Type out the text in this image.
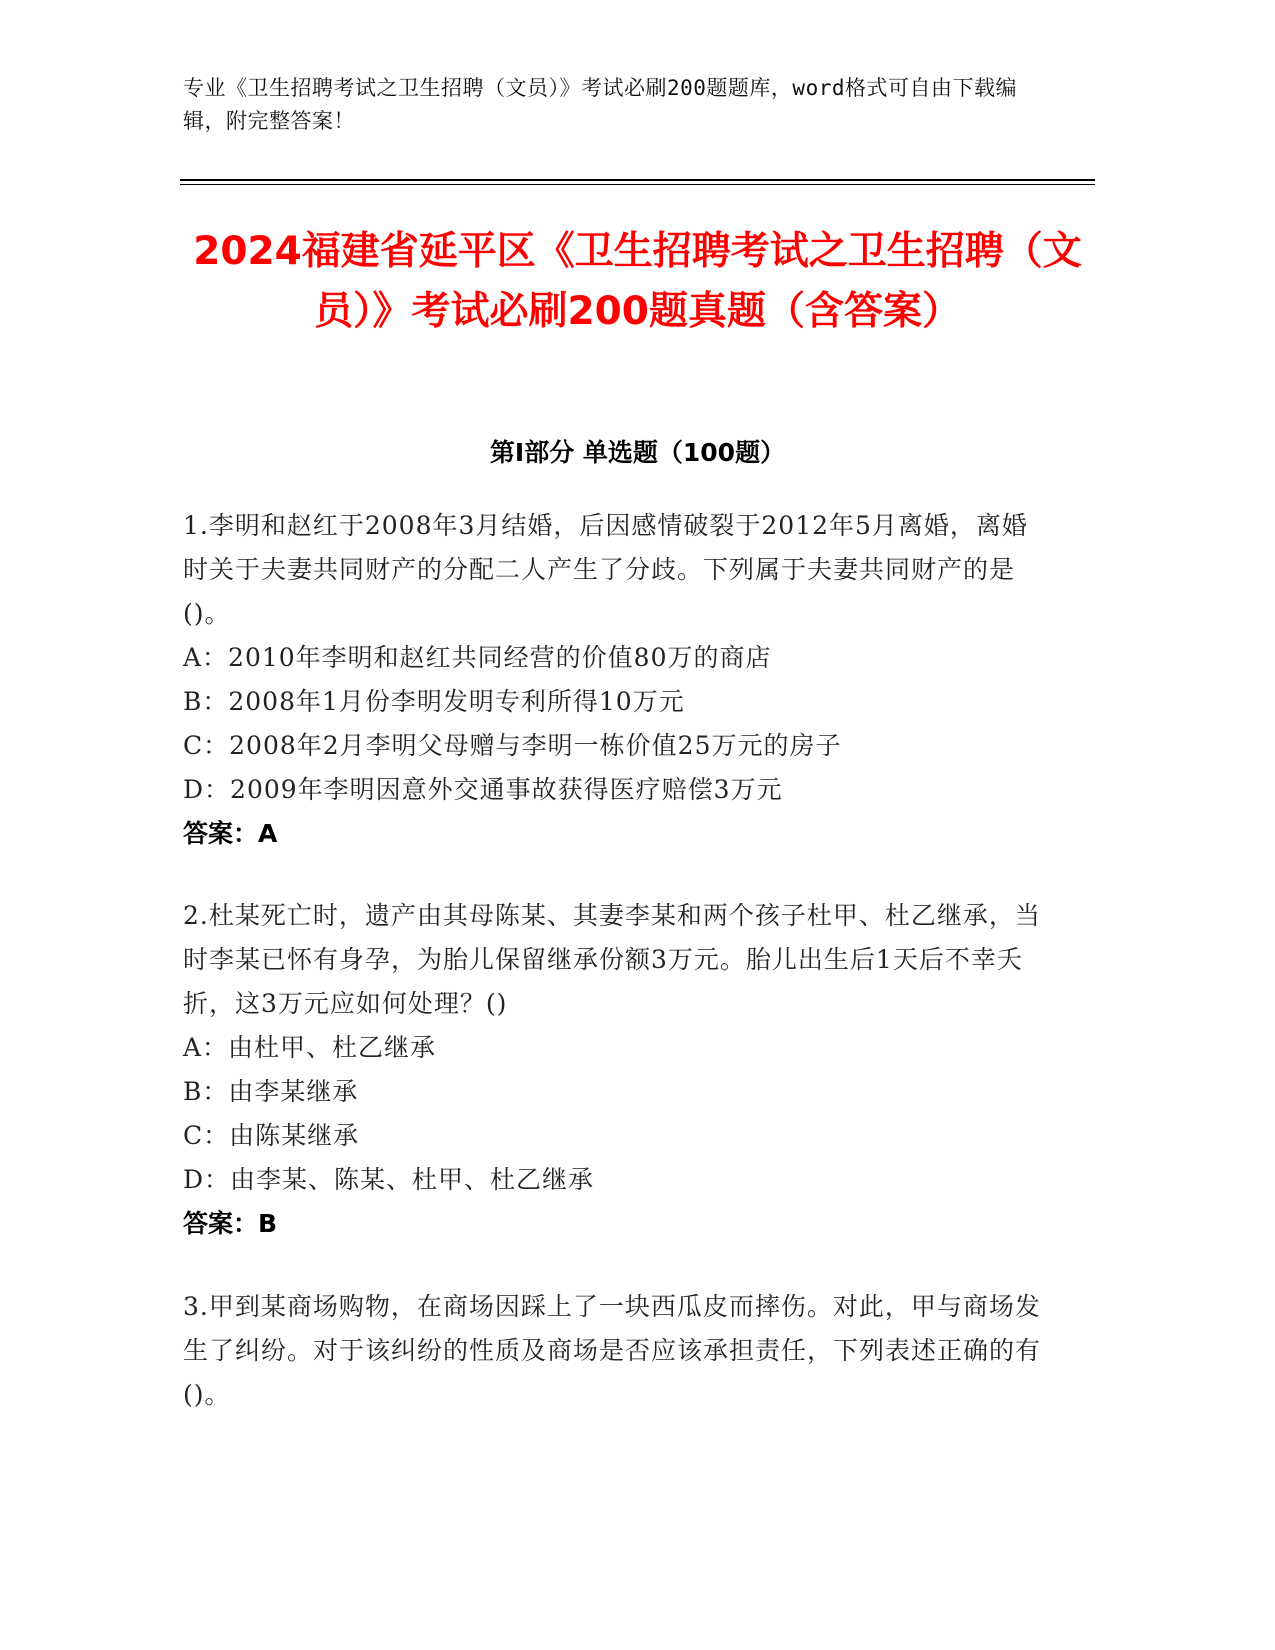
专业《卫生招聘考试之卫生招聘（文员）》考试必刷200题题库，word格式可自由下载编辑，附完整答案！
2024福建省延平区《卫生招聘考试之卫生招聘（文员）》考试必刷200题真题（含答案）
第I部分 单选题（100题）

1.李明和赵红于2008年3月结婚，后因感情破裂于2012年5月离婚，离婚时关于夫妻共同财产的分配二人产生了分歧。下列属于夫妻共同财产的是()。

A：2010年李明和赵红共同经营的价值80万的商店

B：2008年1月份李明发明专利所得10万元

C：2008年2月李明父母赠与李明一栋价值25万元的房子

D：2009年李明因意外交通事故获得医疗赔偿3万元

答案：A

2.杜某死亡时，遗产由其母陈某、其妻李某和两个孩子杜甲、杜乙继承，当时李某已怀有身孕，为胎儿保留继承份额3万元。胎儿出生后1天后不幸夭折，这3万元应如何处理？()

A：由杜甲、杜乙继承

B：由李某继承

C：由陈某继承

D：由李某、陈某、杜甲、杜乙继承

答案：B

3.甲到某商场购物，在商场因踩上了一块西瓜皮而摔伤。对此，甲与商场发生了纠纷。对于该纠纷的性质及商场是否应该承担责任，下列表述正确的有()。
